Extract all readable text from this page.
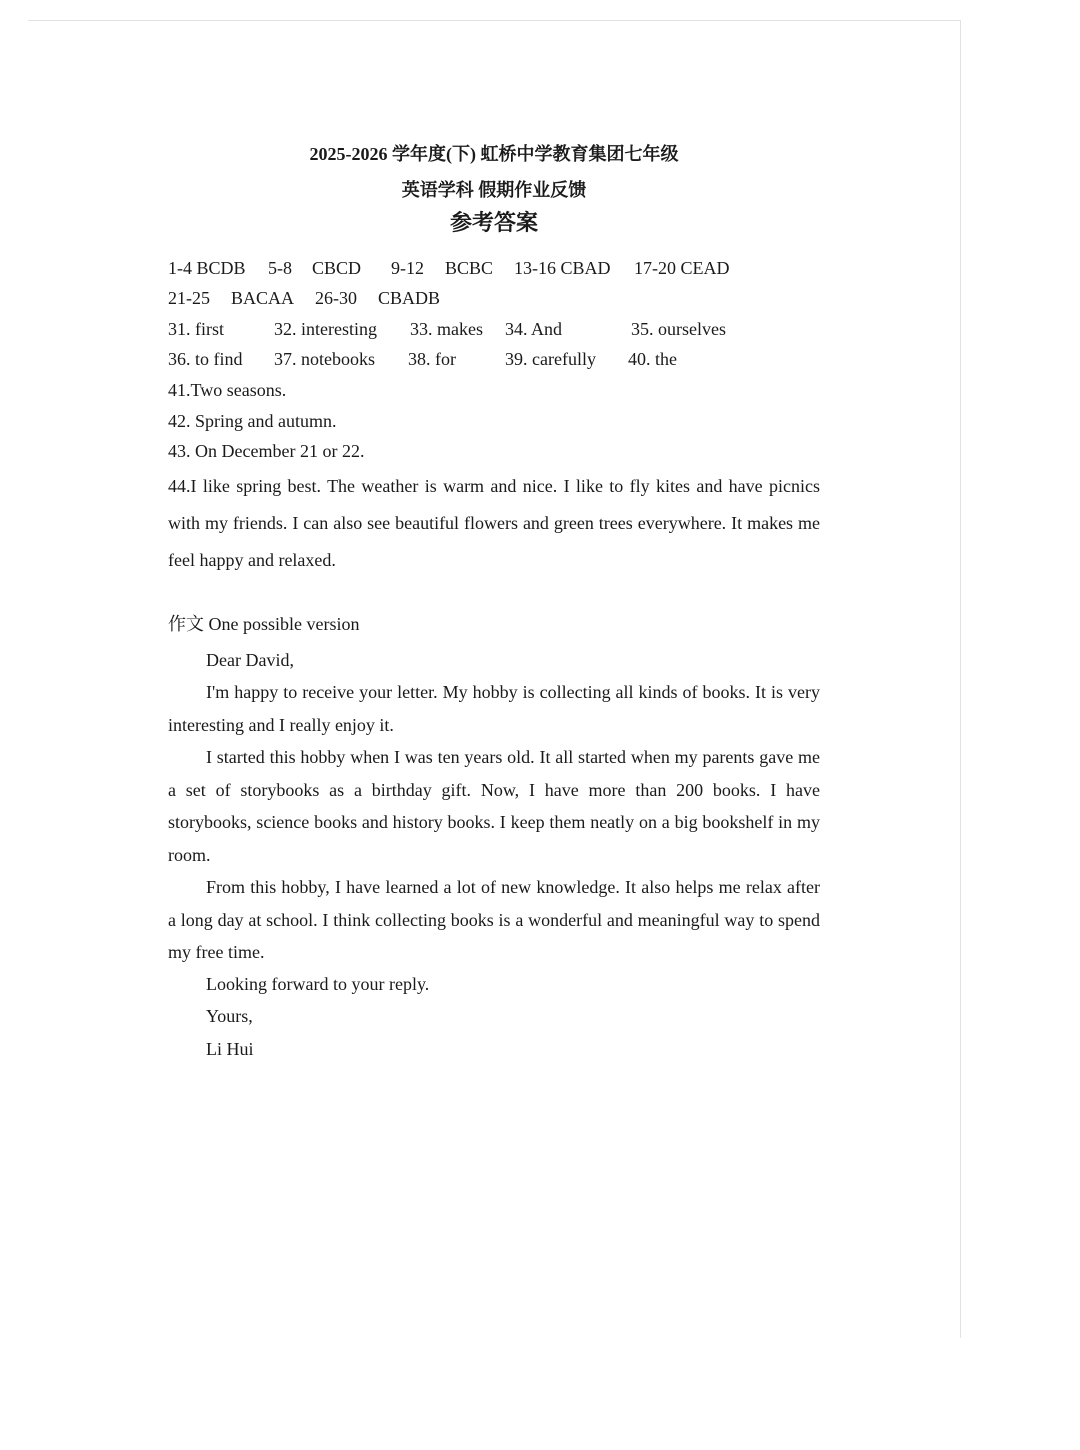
2025-2026 学年度(下) 虹桥中学教育集团七年级
英语学科 假期作业反馈
参考答案
1-4 BCDB 5-8 CBCD 9-12 BCBC 13-16 CBAD 17-20 CEAD
21-25 BACAA 26-30 CBADB
31. first	32. interesting 33. makes 34. And	35. ourselves
36. to find 37. notebooks 38. for	39. carefully 40. the
41.Two seasons.
42. Spring and autumn.
43. On December 21 or 22.
44.I like spring best. The weather is warm and nice. I like to fly kites and have picnics with my friends. I can also see beautiful flowers and green trees everywhere. It makes me feel happy and relaxed.
作文 One possible version
Dear David,
I'm happy to receive your letter. My hobby is collecting all kinds of books. It is very interesting and I really enjoy it.
I started this hobby when I was ten years old. It all started when my parents gave me a set of storybooks as a birthday gift. Now, I have more than 200 books. I have storybooks, science books and history books. I keep them neatly on a big bookshelf in my room.
From this hobby, I have learned a lot of new knowledge. It also helps me relax after a long day at school. I think collecting books is a wonderful and meaningful way to spend my free time.
Looking forward to your reply.
Yours,
Li Hui
